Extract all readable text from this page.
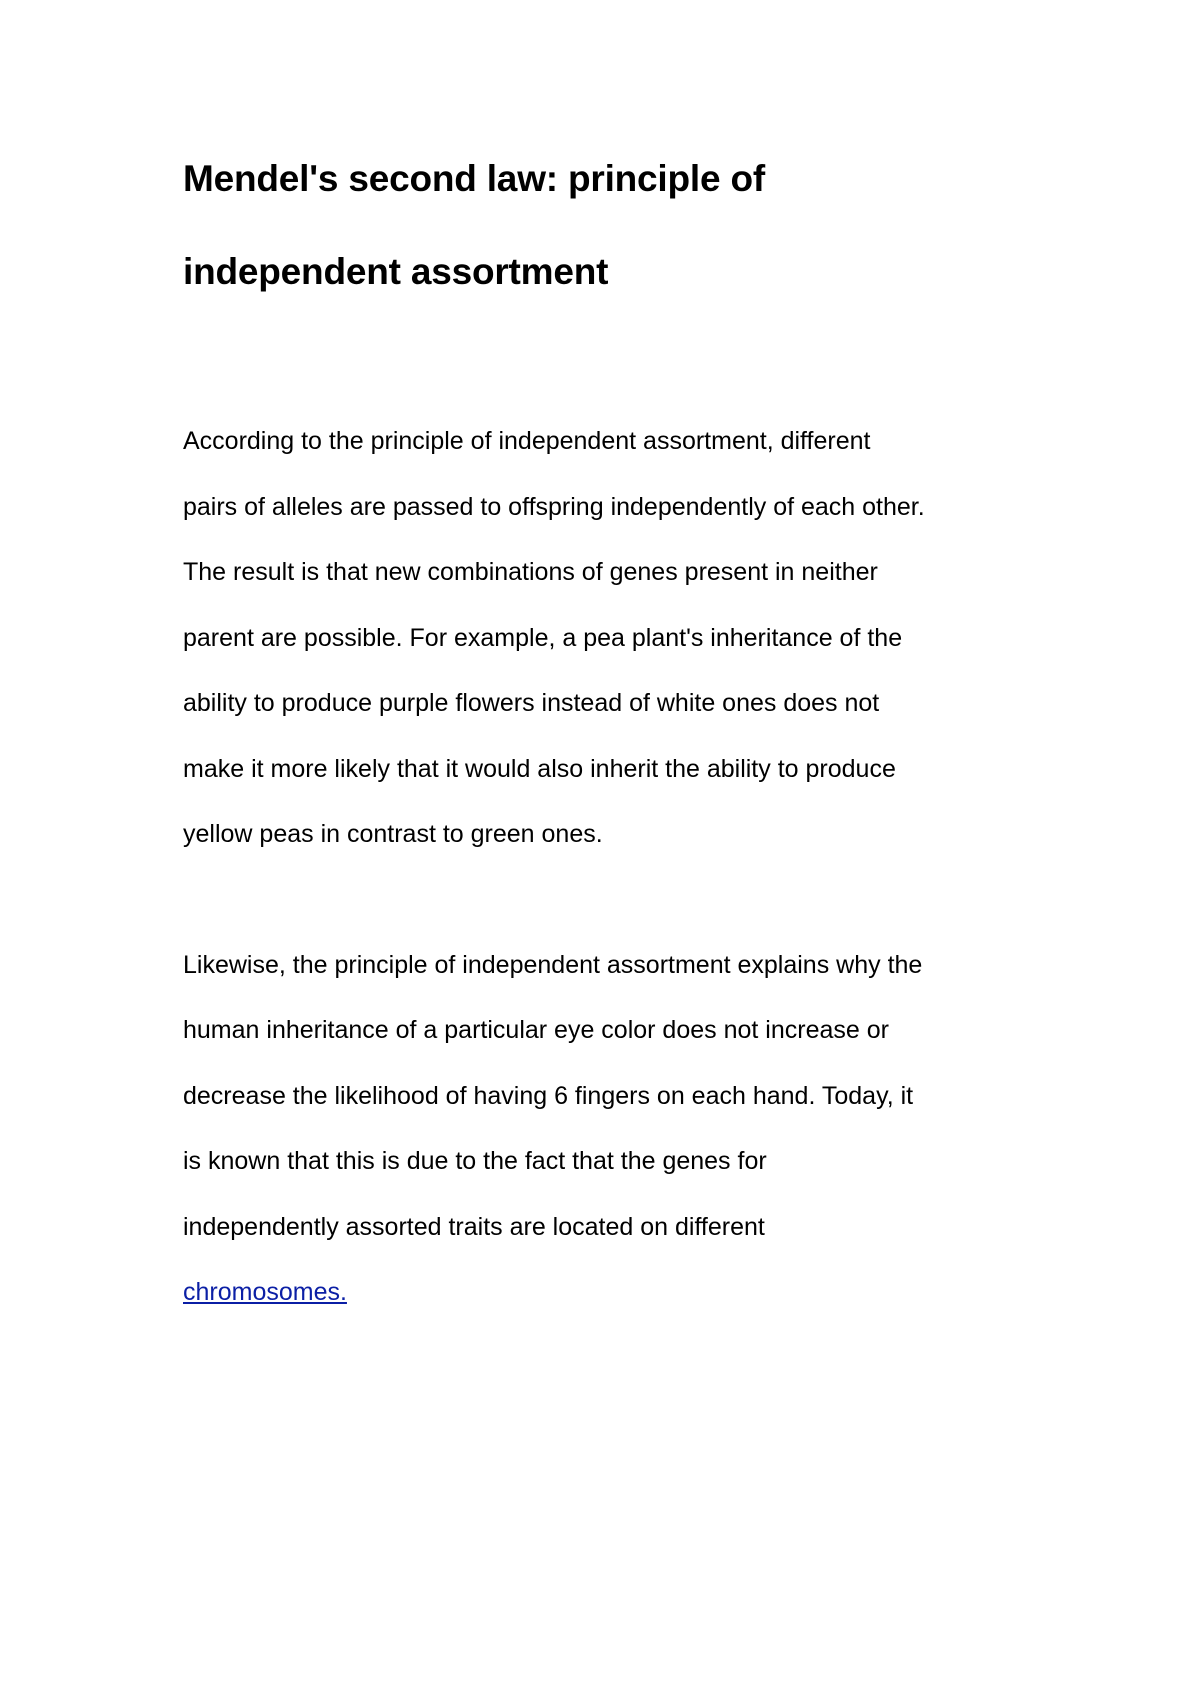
Mendel's second law: principle of
independent assortment

According to the principle of independent assortment, different
pairs of alleles are passed to offspring independently of each other.
The result is that new combinations of genes present in neither
parent are possible. For example, a pea plant's inheritance of the
ability to produce purple flowers instead of white ones does not
make it more likely that it would also inherit the ability to produce
yellow peas in contrast to green ones.

Likewise, the principle of independent assortment explains why the
human inheritance of a particular eye color does not increase or
decrease the likelihood of having 6 fingers on each hand. Today, it
is known that this is due to the fact that the genes for
independently assorted traits are located on different
chromosomes.
